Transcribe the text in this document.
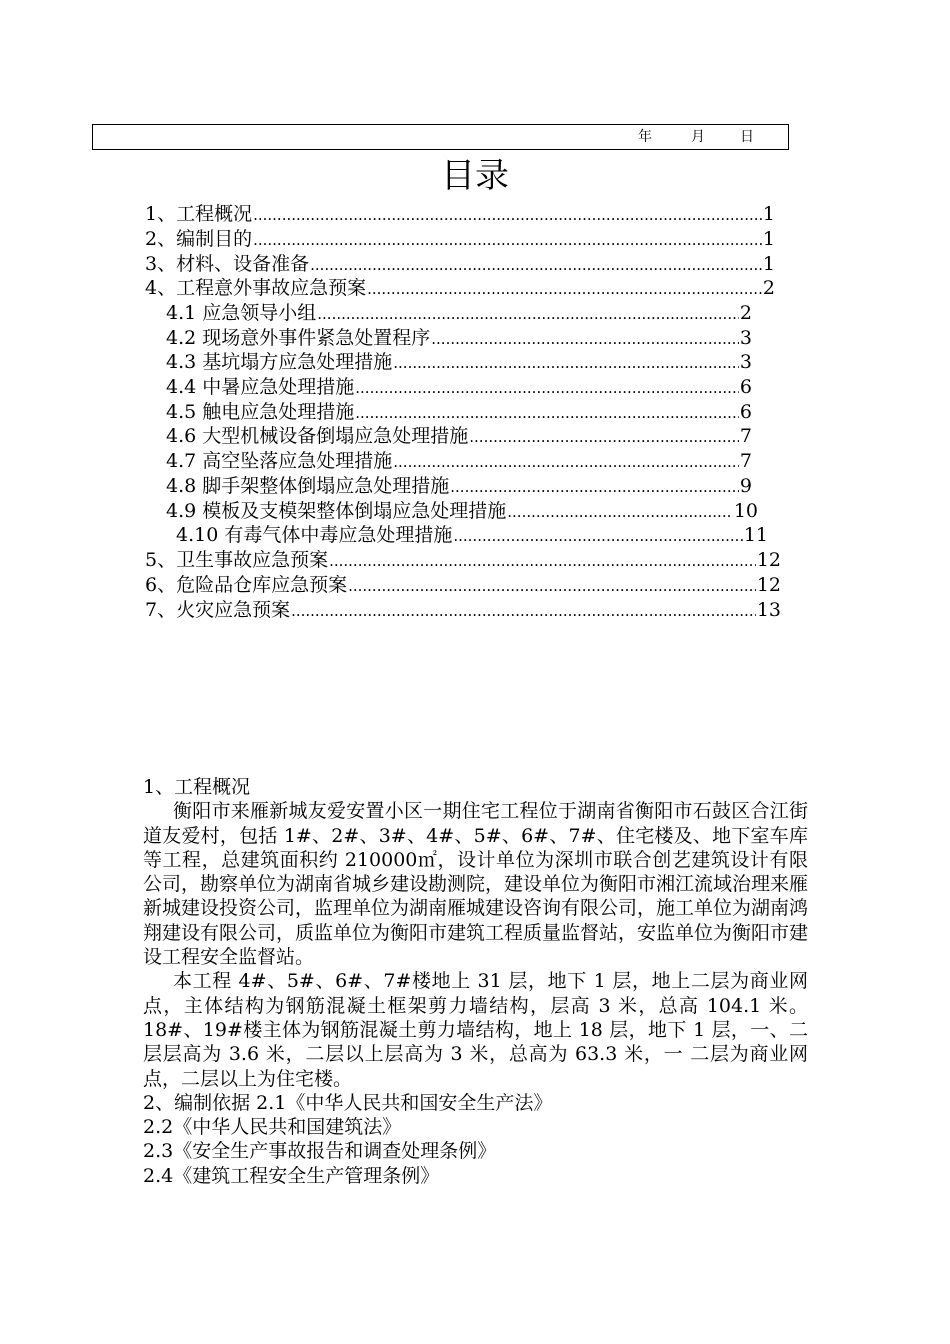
年	月	日
目录
1、工程概况 .....	1
2、编制目的 .....	1
3、材料、设备准备 .....	1
4、工程意外事故应急预案 .....	2
4.1 应急领导小组 .....	2
4.2 现场意外事件紧急处置程序 .....	3
4.3 基坑塌方应急处理措施 .....	3
4.4 中暑应急处理措施 .....	6
4.5 触电应急处理措施 .....	6
4.6 大型机械设备倒塌应急处理措施 .....	7
4.7 高空坠落应急处理措施 .....	7
4.8 脚手架整体倒塌应急处理措施 .....	9
4.9 模板及支模架整体倒塌应急处理措施 .....	10
4.10 有毒气体中毒应急处理措施 .....	11
5、卫生事故应急预案 .....	12
6、危险品仓库应急预案 .....	12
7、火灾应急预案 .....	13

1、工程概况

衡阳市来雁新城友爱安置小区一期住宅工程位于湖南省衡阳市石鼓区合江街道友爱村，包括 1#、2#、3#、4#、5#、6#、7#、住宅楼及、地下室车库等工程，总建筑面积约 210000㎡，设计单位为深圳市联合创艺建筑设计有限公司，勘察单位为湖南省城乡建设勘测院，建设单位为衡阳市湘江流域治理来雁新城建设投资公司，监理单位为湖南雁城建设咨询有限公司，施工单位为湖南鸿翔建设有限公司，质监单位为衡阳市建筑工程质量监督站，安监单位为衡阳市建设工程安全监督站。

本工程 4#、5#、6#、7#楼地上 31 层，地下 1 层，地上二层为商业网点，主体结构为钢筋混凝土框架剪力墙结构，层高 3 米，总高 104.1 米。18#、19#楼主体为钢筋混凝土剪力墙结构，地上 18 层，地下 1 层，一、二层层高为 3.6 米，二层以上层高为 3 米，总高为 63.3 米，一 二层为商业网点，二层以上为住宅楼。

2、编制依据 2.1《中华人民共和国安全生产法》

2.2《中华人民共和国建筑法》

2.3《安全生产事故报告和调查处理条例》

2.4《建筑工程安全生产管理条例》
